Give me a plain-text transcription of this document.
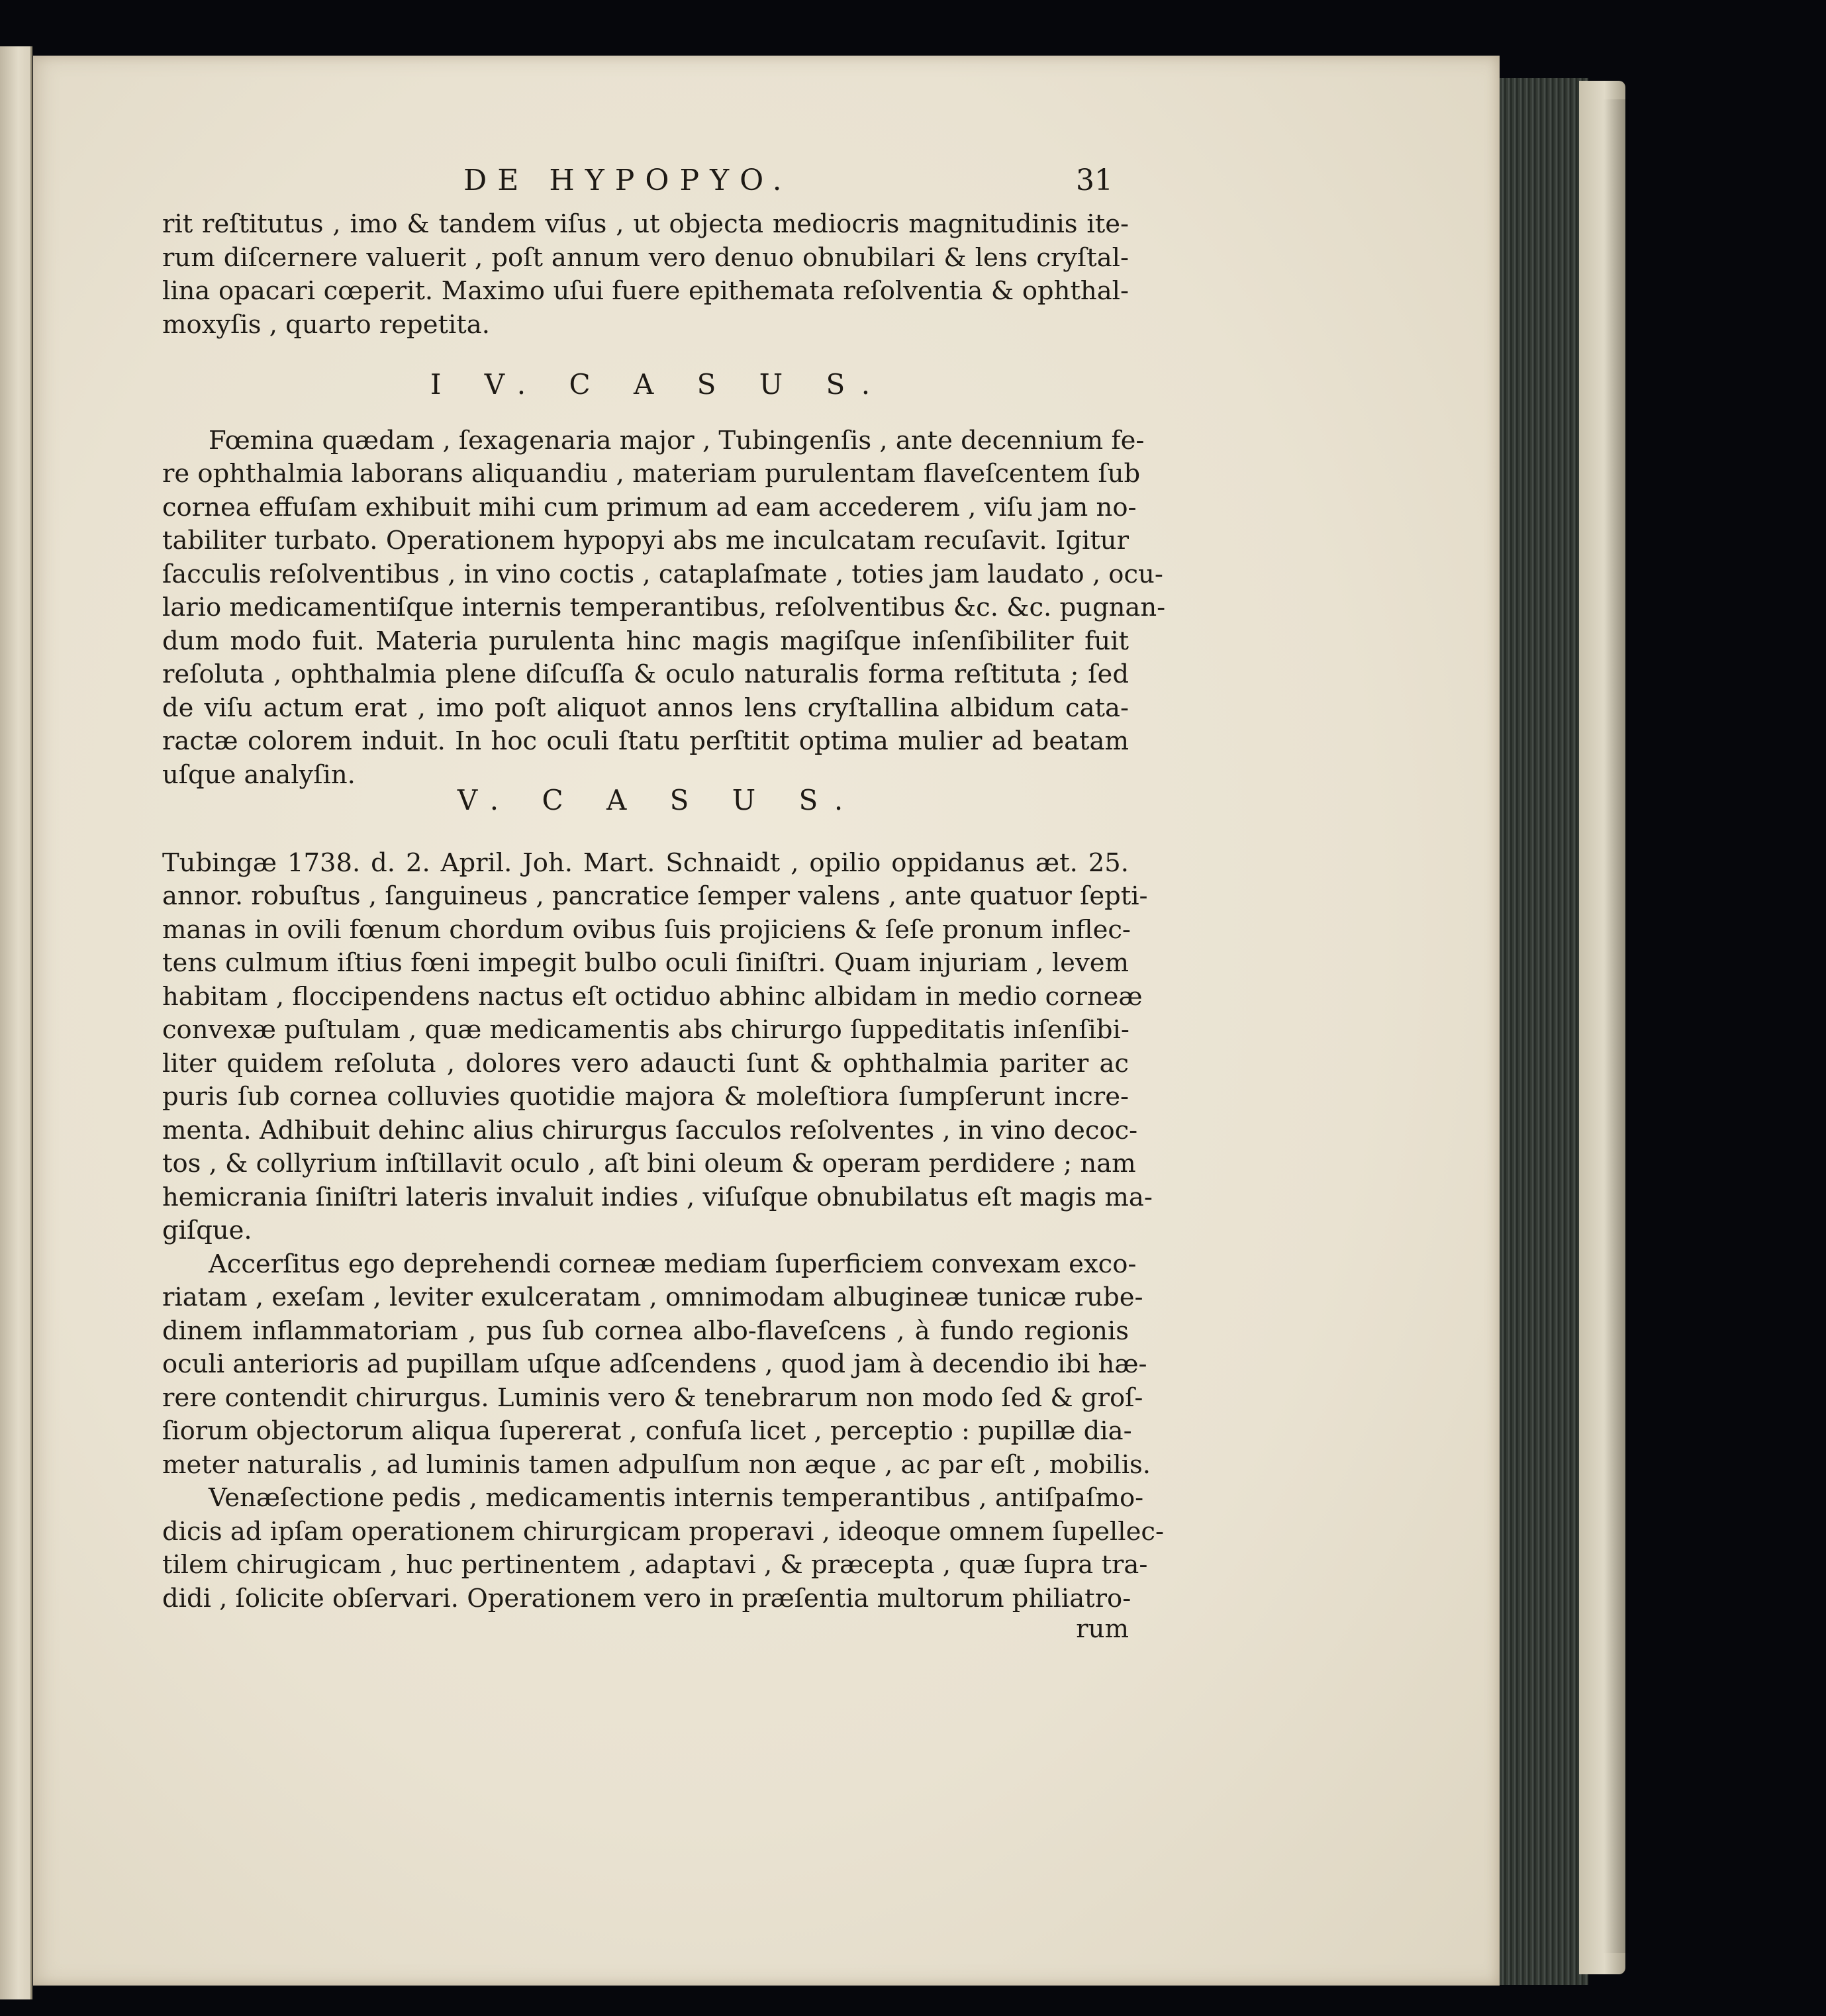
DE HYPOPYO.	31
rit reſtitutus , imo & tandem viſus , ut objecta mediocris magnitudinis ite-
rum diſcernere valuerit , poſt annum vero denuo obnubilari & lens cryſtal-
lina opacari cœperit. Maximo uſui fuere epithemata reſolventia & ophthal-
moxyſis , quarto repetita.
I V. C A S U S.
Fœmina quædam , ſexagenaria major , Tubingenſis , ante decennium fe-
re ophthalmia laborans aliquandiu , materiam purulentam flaveſcentem ſub
cornea effuſam exhibuit mihi cum primum ad eam accederem , viſu jam no-
tabiliter turbato. Operationem hypopyi abs me inculcatam recuſavit. Igitur
ſacculis reſolventibus , in vino coctis , cataplaſmate , toties jam laudato , ocu-
lario medicamentiſque internis temperantibus, reſolventibus &c. &c. pugnan-
dum modo fuit. Materia purulenta hinc magis magiſque inſenſibiliter fuit
reſoluta , ophthalmia plene diſcuſſa & oculo naturalis forma reſtituta ; ſed
de viſu actum erat , imo poſt aliquot annos lens cryſtallina albidum cata-
ractæ colorem induit. In hoc oculi ſtatu perſtitit optima mulier ad beatam
uſque analyſin.
V. C A S U S.
Tubingæ 1738. d. 2. April. Joh. Mart. Schnaidt , opilio oppidanus æt. 25.
annor. robuſtus , ſanguineus , pancratice ſemper valens , ante quatuor ſepti-
manas in ovili fœnum chordum ovibus ſuis projiciens & ſeſe pronum inflec-
tens culmum iſtius fœni impegit bulbo oculi ſiniſtri. Quam injuriam , levem
habitam , floccipendens nactus eſt octiduo abhinc albidam in medio corneæ
convexæ puſtulam , quæ medicamentis abs chirurgo ſuppeditatis inſenſibi-
liter quidem reſoluta , dolores vero adaucti ſunt & ophthalmia pariter ac
puris ſub cornea colluvies quotidie majora & moleſtiora ſumpſerunt incre-
menta. Adhibuit dehinc alius chirurgus ſacculos reſolventes , in vino decoc-
tos , & collyrium inſtillavit oculo , aſt bini oleum & operam perdidere ; nam
hemicrania ſiniſtri lateris invaluit indies , viſuſque obnubilatus eſt magis ma-
giſque.
Accerſitus ego deprehendi corneæ mediam ſuperficiem convexam exco-
riatam , exeſam , leviter exulceratam , omnimodam albugineæ tunicæ rube-
dinem inflammatoriam , pus ſub cornea albo-flaveſcens , à fundo regionis
oculi anterioris ad pupillam uſque adſcendens , quod jam à decendio ibi hæ-
rere contendit chirurgus. Luminis vero & tenebrarum non modo ſed & groſ-
ſiorum objectorum aliqua ſupererat , confuſa licet , perceptio : pupillæ dia-
meter naturalis , ad luminis tamen adpulſum non æque , ac par eſt , mobilis.
Venæſectione pedis , medicamentis internis temperantibus , antiſpaſmo-
dicis ad ipſam operationem chirurgicam properavi , ideoque omnem ſupellec-
tilem chirugicam , huc pertinentem , adaptavi , & præcepta , quæ ſupra tra-
didi , ſolicite obſervari. Operationem vero in præſentia multorum philiatro-
rum
